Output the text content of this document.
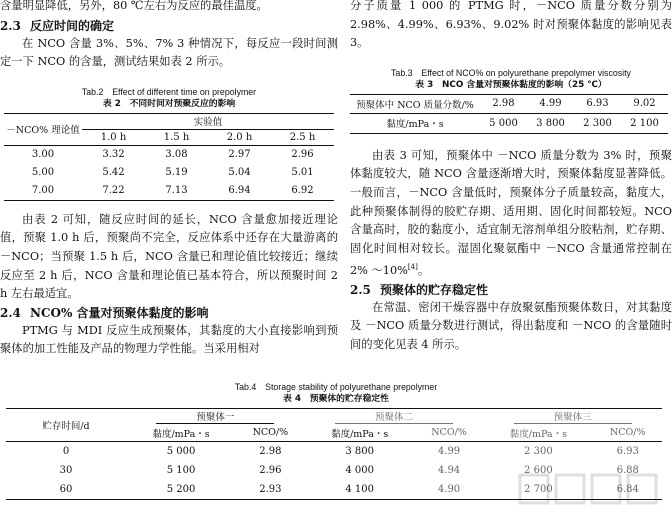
含量明显降低，另外，80 ℃左右为反应的最佳温度。

2.3 反应时间的确定

在 NCO 含量 3%、5%、7% 3 种情况下，每反应一段时间测定一下 NCO 的含量，测试结果如表 2 所示。

Tab.2　Effect of different time on prepolymer
表 2　不同时间对预聚反应的影响
－NCO% 理论值	实验值			
	1.0 h	1.5 h	2.0 h	2.5 h
3.00	3.32	3.08	2.97	2.96
5.00	5.42	5.19	5.04	5.01
7.00	7.22	7.13	6.94	6.92

由表 2 可知，随反应时间的延长，NCO 含量愈加接近理论值，预聚 1.0 h 后，预聚尚不完全，反应体系中还存在大量游离的 －NCO；当预聚 1.5 h 后，NCO 含量已和理论值比较接近；继续反应至 2 h 后，NCO 含量和理论值已基本符合，所以预聚时间 2 h 左右最适宜。

2.4 NCO% 含量对预聚体黏度的影响

PTMG 与 MDI 反应生成预聚体，其黏度的大小直接影响到预聚体的加工性能及产品的物理力学性能。当采用相对

分子质量 1 000 的 PTMG 时，－NCO 质量分数分别为 2.98%、4.99%、6.93%、9.02% 时对预聚体黏度的影响见表 3。

Tab.3　Effect of NCO% on polyurethane prepolymer viscosity
表 3　NCO 含量对预聚体黏度的影响（25 ℃）
预聚体中 NCO 质量分数/%	2.98	4.99	6.93	9.02
黏度/mPa・s	5 000	3 800	2 300	2 100

由表 3 可知，预聚体中 －NCO 质量分数为 3% 时，预聚体黏度较大，随 NCO 含量逐渐增大时，预聚体黏度显著降低。一般而言，－NCO 含量低时，预聚体分子质量较高，黏度大，此种预聚体制得的胶贮存期、适用期、固化时间都较短。NCO 含量高时，胶的黏度小，适宜制无溶剂单组分胶粘剂，贮存期、固化时间相对较长。湿固化聚氨酯中 －NCO 含量通常控制在 2% ～10%[4]。

2.5 预聚体的贮存稳定性

在常温、密闭干燥容器中存放聚氨酯预聚体数日，对其黏度及 －NCO 质量分数进行测试，得出黏度和 －NCO 的含量随时间的变化见表 4 所示。

Tab.4　Storage stability of polyurethane prepolymer
表 4　预聚体的贮存稳定性
贮存时间/d	预聚体一		预聚体二		预聚体三	
	黏度/mPa・s	NCO/%	黏度/mPa・s	NCO/%	黏度/mPa・s	NCO/%
0	5 000	2.98	3 800	4.99	2 300	6.93
30	5 100	2.96	4 000	4.94	2 600	6.88
60	5 200	2.93	4 100	4.90	2 700	6.84
